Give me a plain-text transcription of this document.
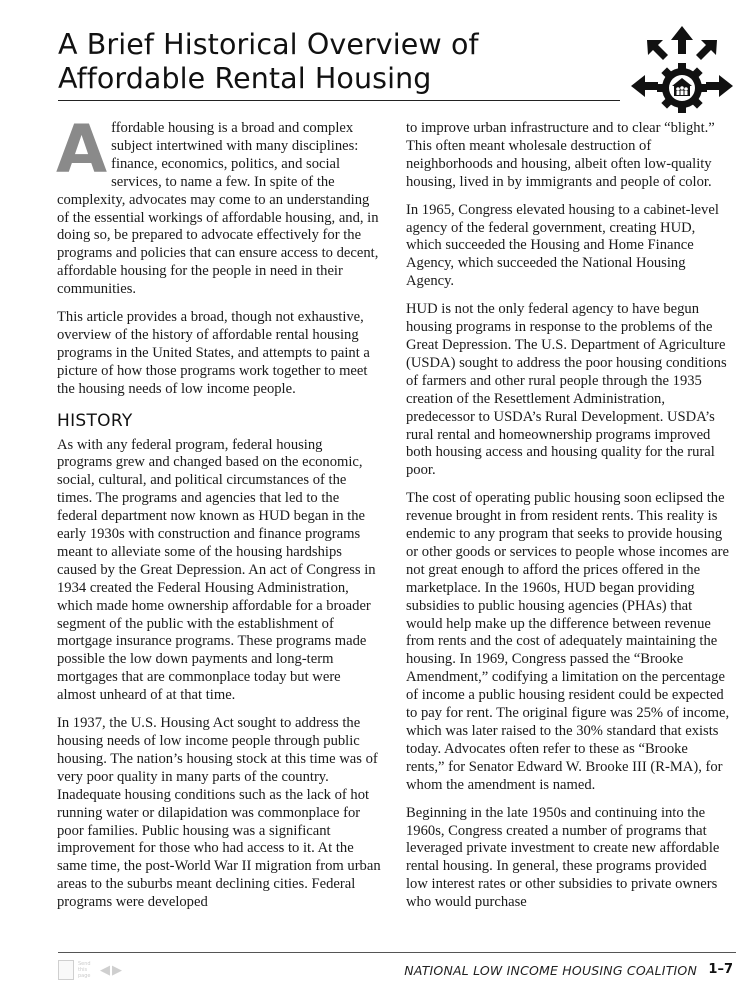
A Brief Historical Overview of
Affordable Rental Housing

Affordable housing is a broad and complex subject intertwined with many disciplines: finance, economics, politics, and social services, to name a few. In spite of the complexity, advocates may come to an understanding of the essential workings of affordable housing, and, in doing so, be prepared to advocate effectively for the programs and policies that can ensure access to decent, affordable housing for the people in need in their communities.

This article provides a broad, though not exhaustive, overview of the history of affordable rental housing programs in the United States, and attempts to paint a picture of how those programs work together to meet the housing needs of low income people.

HISTORY

As with any federal program, federal housing programs grew and changed based on the economic, social, cultural, and political circumstances of the times. The programs and agencies that led to the federal department now known as HUD began in the early 1930s with construction and finance programs meant to alleviate some of the housing hardships caused by the Great Depression. An act of Congress in 1934 created the Federal Housing Administration, which made home ownership affordable for a broader segment of the public with the establishment of mortgage insurance programs. These programs made possible the low down payments and long-term mortgages that are commonplace today but were almost unheard of at that time.

In 1937, the U.S. Housing Act sought to address the housing needs of low income people through public housing. The nation’s housing stock at this time was of very poor quality in many parts of the country. Inadequate housing conditions such as the lack of hot running water or dilapidation was commonplace for poor families. Public housing was a significant improvement for those who had access to it. At the same time, the post-World War II migration from urban areas to the suburbs meant declining cities. Federal programs were developed

to improve urban infrastructure and to clear “blight.” This often meant wholesale destruction of neighborhoods and housing, albeit often low-quality housing, lived in by immigrants and people of color.

In 1965, Congress elevated housing to a cabinet-level agency of the federal government, creating HUD, which succeeded the Housing and Home Finance Agency, which succeeded the National Housing Agency.

HUD is not the only federal agency to have begun housing programs in response to the problems of the Great Depression. The U.S. Department of Agriculture (USDA) sought to address the poor housing conditions of farmers and other rural people through the 1935 creation of the Resettlement Administration, predecessor to USDA’s Rural Development. USDA’s rural rental and homeownership programs improved both housing access and housing quality for the rural poor.

The cost of operating public housing soon eclipsed the revenue brought in from resident rents. This reality is endemic to any program that seeks to provide housing or other goods or services to people whose incomes are not great enough to afford the prices offered in the marketplace. In the 1960s, HUD began providing subsidies to public housing agencies (PHAs) that would help make up the difference between revenue from rents and the cost of adequately maintaining the housing. In 1969, Congress passed the “Brooke Amendment,” codifying a limitation on the percentage of income a public housing resident could be expected to pay for rent. The original figure was 25% of income, which was later raised to the 30% standard that exists today. Advocates often refer to these as “Brooke rents,” for Senator Edward W. Brooke III (R-MA), for whom the amendment is named.

Beginning in the late 1950s and continuing into the 1960s, Congress created a number of programs that leveraged private investment to create new affordable rental housing. In general, these programs provided low interest rates or other subsidies to private owners who would purchase

Send this page ◀ ▶	NATIONAL LOW INCOME HOUSING COALITION 1–7
